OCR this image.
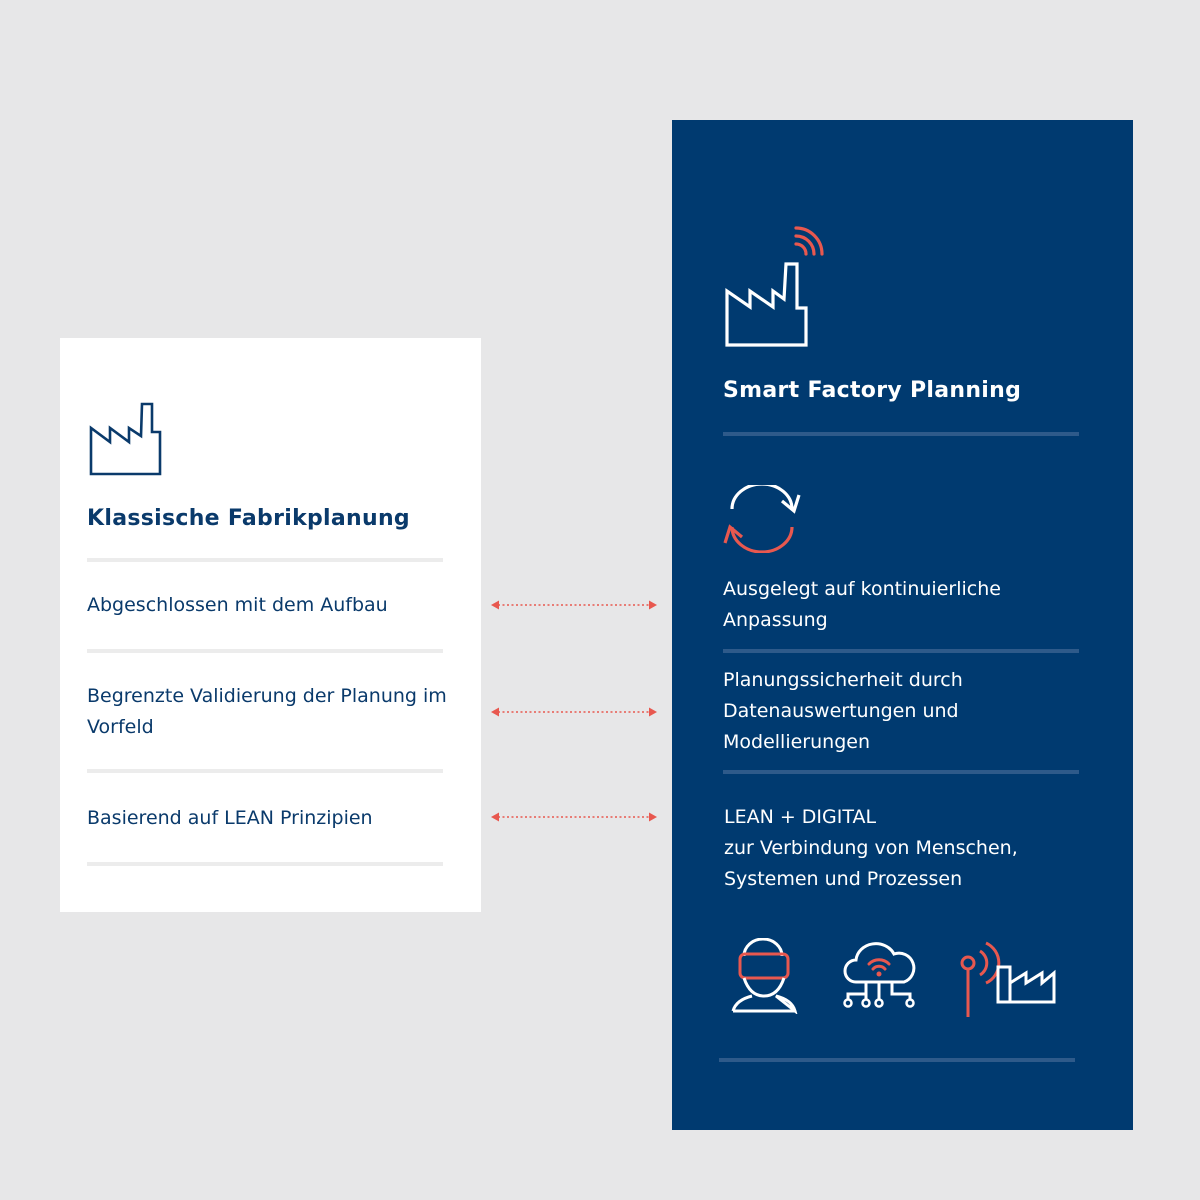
Klassische Fabrikplanung
Abgeschlossen mit dem Aufbau
Begrenzte Validierung der Planung im Vorfeld
Basierend auf LEAN Prinzipien
Smart Factory Planning
Ausgelegt auf kontinuierliche Anpassung
Planungssicherheit durch Datenauswertungen und Modellierungen
LEAN + DIGITAL
zur Verbindung von Menschen, Systemen und Prozessen
